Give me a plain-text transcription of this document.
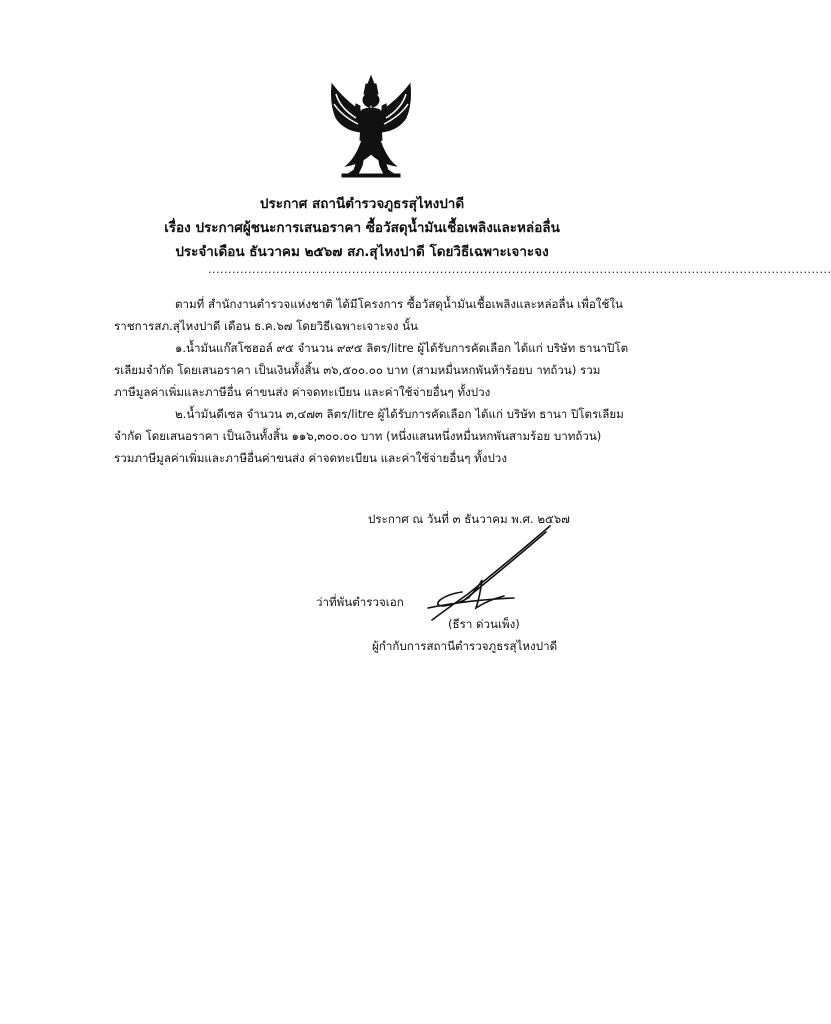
ประกาศ สถานีตำรวจภูธรสุไหงปาดี
เรื่อง ประกาศผู้ชนะการเสนอราคา ซื้อวัสดุน้ำมันเชื้อเพลิงและหล่อลื่น
ประจำเดือน ธันวาคม ๒๕๖๗ สภ.สุไหงปาดี โดยวิธีเฉพาะเจาะจง
............................................................................................................................................................
ตามที่ สำนักงานตำรวจแห่งชาติ ได้มีโครงการ ซื้อวัสดุน้ำมันเชื้อเพลิงและหล่อลื่น เพื่อใช้ใน
ราชการสภ.สุไหงปาดี เดือน ธ.ค.๖๗ โดยวิธีเฉพาะเจาะจง นั้น
๑.น้ำมันแก๊สโซฮอล์ ๙๕ จำนวน ๙๙๕ ลิตร/litre ผู้ได้รับการคัดเลือก ได้แก่ บริษัท ธานาปิโต
รเลียมจำกัด โดยเสนอราคา เป็นเงินทั้งสิ้น ๓๖,๕๐๐.๐๐ บาท (สามหมื่นหกพันห้าร้อยบ าทถ้วน) รวม
ภาษีมูลค่าเพิ่มและภาษีอื่น ค่าขนส่ง ค่าจดทะเบียน และค่าใช้จ่ายอื่นๆ ทั้งปวง
๒.น้ำมันดีเซล จำนวน ๓,๔๗๓ ลิตร/litre ผู้ได้รับการคัดเลือก ได้แก่ บริษัท ธานา ปิโตรเลียม
จำกัด โดยเสนอราคา เป็นเงินทั้งสิ้น ๑๑๖,๓๐๐.๐๐ บาท (หนึ่งแสนหนึ่งหมื่นหกพันสามร้อย บาทถ้วน)
รวมภาษีมูลค่าเพิ่มและภาษีอื่นค่าขนส่ง ค่าจดทะเบียน และค่าใช้จ่ายอื่นๆ ทั้งปวง
ประกาศ ณ วันที่ ๓ ธันวาคม พ.ศ. ๒๕๖๗
ว่าที่พันตำรวจเอก
(ธีรา ด่วนเพ็ง)
ผู้กำกับการสถานีตำรวจภูธรสุไหงปาดี
